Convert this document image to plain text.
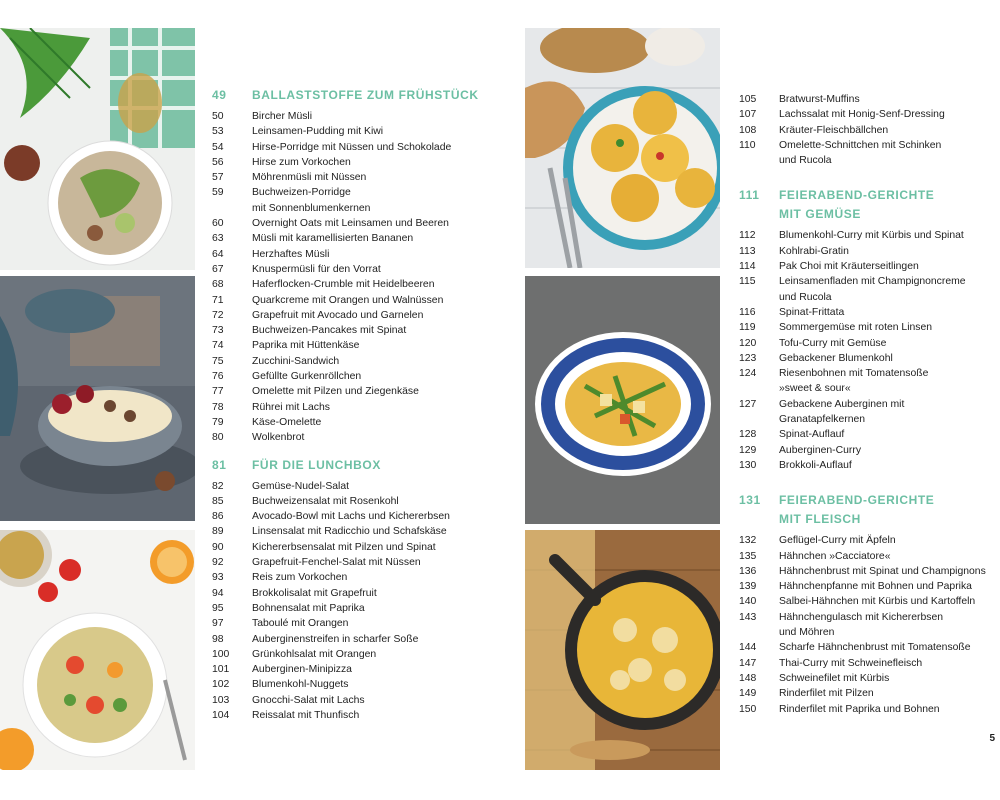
49	BALLASTSTOFFE ZUM FRÜHSTÜCK
50	Bircher Müsli
53	Leinsamen-Pudding mit Kiwi
54	Hirse-Porridge mit Nüssen und Schokolade
56	Hirse zum Vorkochen
57	Möhrenmüsli mit Nüssen
59	Buchweizen-Porridge
mit Sonnenblumenkernen
60	Overnight Oats mit Leinsamen und Beeren
63	Müsli mit karamellisierten Bananen
64	Herzhaftes Müsli
67	Knuspermüsli für den Vorrat
68	Haferflocken-Crumble mit Heidelbeeren
71	Quarkcreme mit Orangen und Walnüssen
72	Grapefruit mit Avocado und Garnelen
73	Buchweizen-Pancakes mit Spinat
74	Paprika mit Hüttenkäse
75	Zucchini-Sandwich
76	Gefüllte Gurkenröllchen
77	Omelette mit Pilzen und Ziegenkäse
78	Rührei mit Lachs
79	Käse-Omelette
80	Wolkenbrot
81	FÜR DIE LUNCHBOX
82	Gemüse-Nudel-Salat
85	Buchweizensalat mit Rosenkohl
86	Avocado-Bowl mit Lachs und Kichererbsen
89	Linsensalat mit Radicchio und Schafskäse
90	Kichererbsensalat mit Pilzen und Spinat
92	Grapefruit-Fenchel-Salat mit Nüssen
93	Reis zum Vorkochen
94	Brokkolisalat mit Grapefruit
95	Bohnensalat mit Paprika
97	Taboulé mit Orangen
98	Auberginenstreifen in scharfer Soße
100	Grünkohlsalat mit Orangen
101	Auberginen-Minipizza
102	Blumenkohl-Nuggets
103	Gnocchi-Salat mit Lachs
104	Reissalat mit Thunfisch
105	Bratwurst-Muffins
107	Lachssalat mit Honig-Senf-Dressing
108	Kräuter-Fleischbällchen
110	Omelette-Schnittchen mit Schinken
und Rucola
111	FEIERABEND-GERICHTE
MIT GEMÜSE
112	Blumenkohl-Curry mit Kürbis und Spinat
113	Kohlrabi-Gratin
114	Pak Choi mit Kräuterseitlingen
115	Leinsamenfladen mit Champignoncreme
und Rucola
116	Spinat-Frittata
119	Sommergemüse mit roten Linsen
120	Tofu-Curry mit Gemüse
123	Gebackener Blumenkohl
124	Riesenbohnen mit Tomatensoße
»sweet & sour«
127	Gebackene Auberginen mit
Granatapfelkernen
128	Spinat-Auflauf
129	Auberginen-Curry
130	Brokkoli-Auflauf
131	FEIERABEND-GERICHTE
MIT FLEISCH
132	Geflügel-Curry mit Äpfeln
135	Hähnchen »Cacciatore«
136	Hähnchenbrust mit Spinat und Champignons
139	Hähnchenpfanne mit Bohnen und Paprika
140	Salbei-Hähnchen mit Kürbis und Kartoffeln
143	Hähnchengulasch mit Kichererbsen
und Möhren
144	Scharfe Hähnchenbrust mit Tomatensoße
147	Thai-Curry mit Schweinefleisch
148	Schweinefilet mit Kürbis
149	Rinderfilet mit Pilzen
150	Rinderfilet mit Paprika und Bohnen
5
